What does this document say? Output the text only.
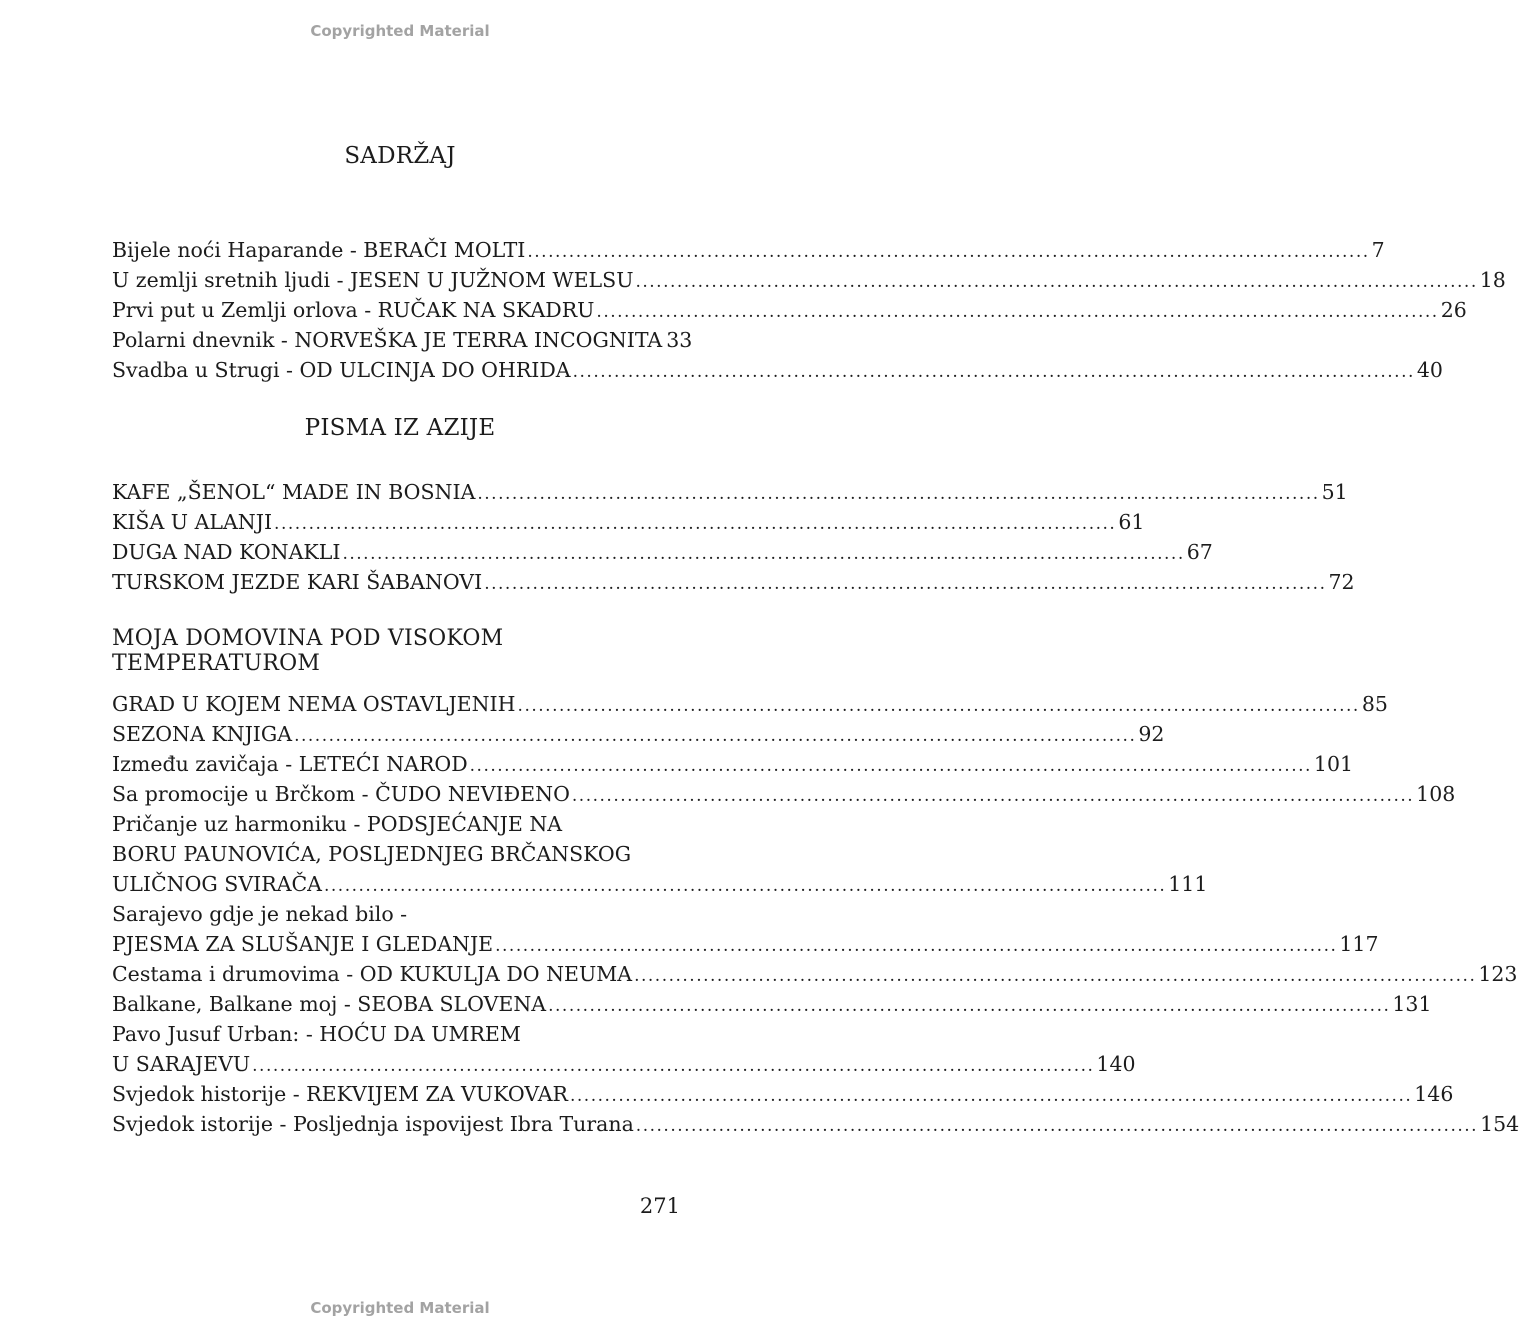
Copyrighted Material
SADRŽAJ
Bijele noći Haparande - BERAČI MOLTI .......................................................................................................................... 7
U zemlji sretnih ljudi - JESEN U JUŽNOM WELSU .......................................................................................................................... 18
Prvi put u Zemlji orlova - RUČAK NA SKADRU .......................................................................................................................... 26
Polarni dnevnik - NORVEŠKA JE TERRA INCOGNITA 33
Svadba u Strugi - OD ULCINJA DO OHRIDA .......................................................................................................................... 40
PISMA IZ AZIJE
KAFE „ŠENOL“ MADE IN BOSNIA .......................................................................................................................... 51
KIŠA U ALANJI .......................................................................................................................... 61
DUGA NAD KONAKLI .......................................................................................................................... 67
TURSKOM JEZDE KARI ŠABANOVI .......................................................................................................................... 72
MOJA DOMOVINA POD VISOKOM TEMPERATUROM
GRAD U KOJEM NEMA OSTAVLJENIH .......................................................................................................................... 85
SEZONA KNJIGA .......................................................................................................................... 92
Između zavičaja - LETEĆI NAROD .......................................................................................................................... 101
Sa promocije u Brčkom - ČUDO NEVIĐENO .......................................................................................................................... 108
Pričanje uz harmoniku - PODSJEĆANJE NA
BORU PAUNOVIĆA, POSLJEDNJEG BRČANSKOG
ULIČNOG SVIRAČA .......................................................................................................................... 111
Sarajevo gdje je nekad bilo -
PJESMA ZA SLUŠANJE I GLEDANJE .......................................................................................................................... 117
Cestama i drumovima - OD KUKULJA DO NEUMA .......................................................................................................................... 123
Balkane, Balkane moj - SEOBA SLOVENA .......................................................................................................................... 131
Pavo Jusuf Urban: - HOĆU DA UMREM
U SARAJEVU .......................................................................................................................... 140
Svjedok historije - REKVIJEM ZA VUKOVAR .......................................................................................................................... 146
Svjedok istorije - Posljednja ispovijest Ibra Turana .......................................................................................................................... 154
271
Copyrighted Material
